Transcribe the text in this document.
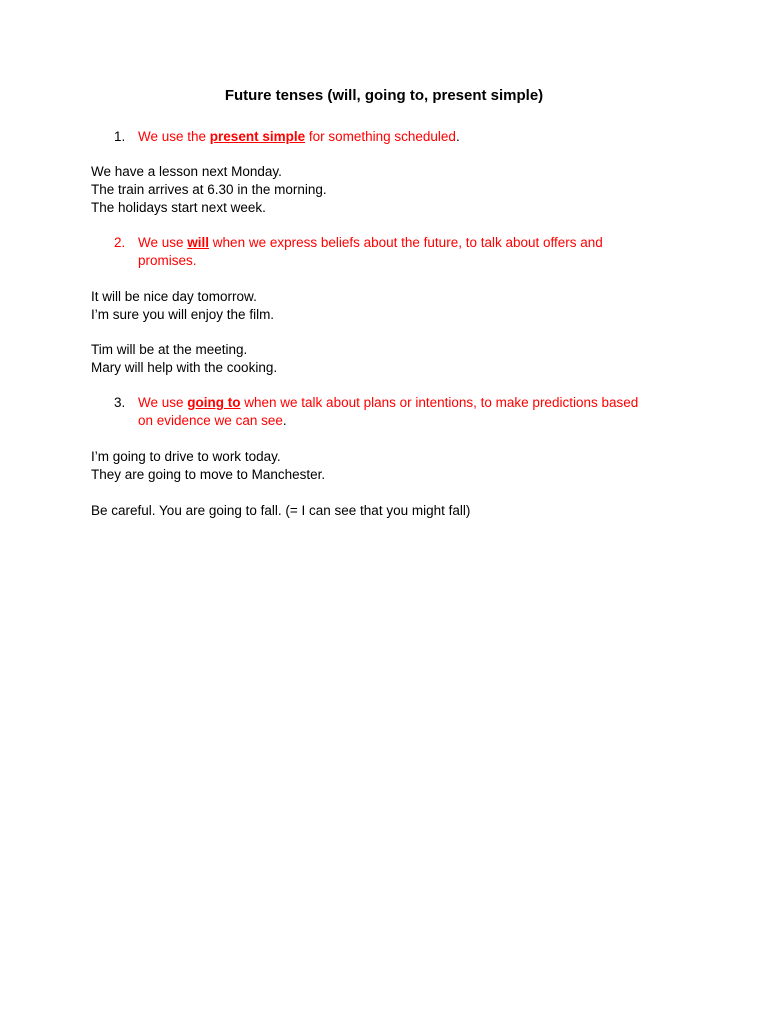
Future tenses (will, going to, present simple)
1. We use the present simple for something scheduled.
We have a lesson next Monday.
The train arrives at 6.30 in the morning.
The holidays start next week.
2. We use will when we express beliefs about the future, to talk about offers and
promises.
It will be nice day tomorrow.
I’m sure you will enjoy the film.
Tim will be at the meeting.
Mary will help with the cooking.
3. We use going to when we talk about plans or intentions, to make predictions based
on evidence we can see.
I’m going to drive to work today.
They are going to move to Manchester.
Be careful. You are going to fall. (= I can see that you might fall)
